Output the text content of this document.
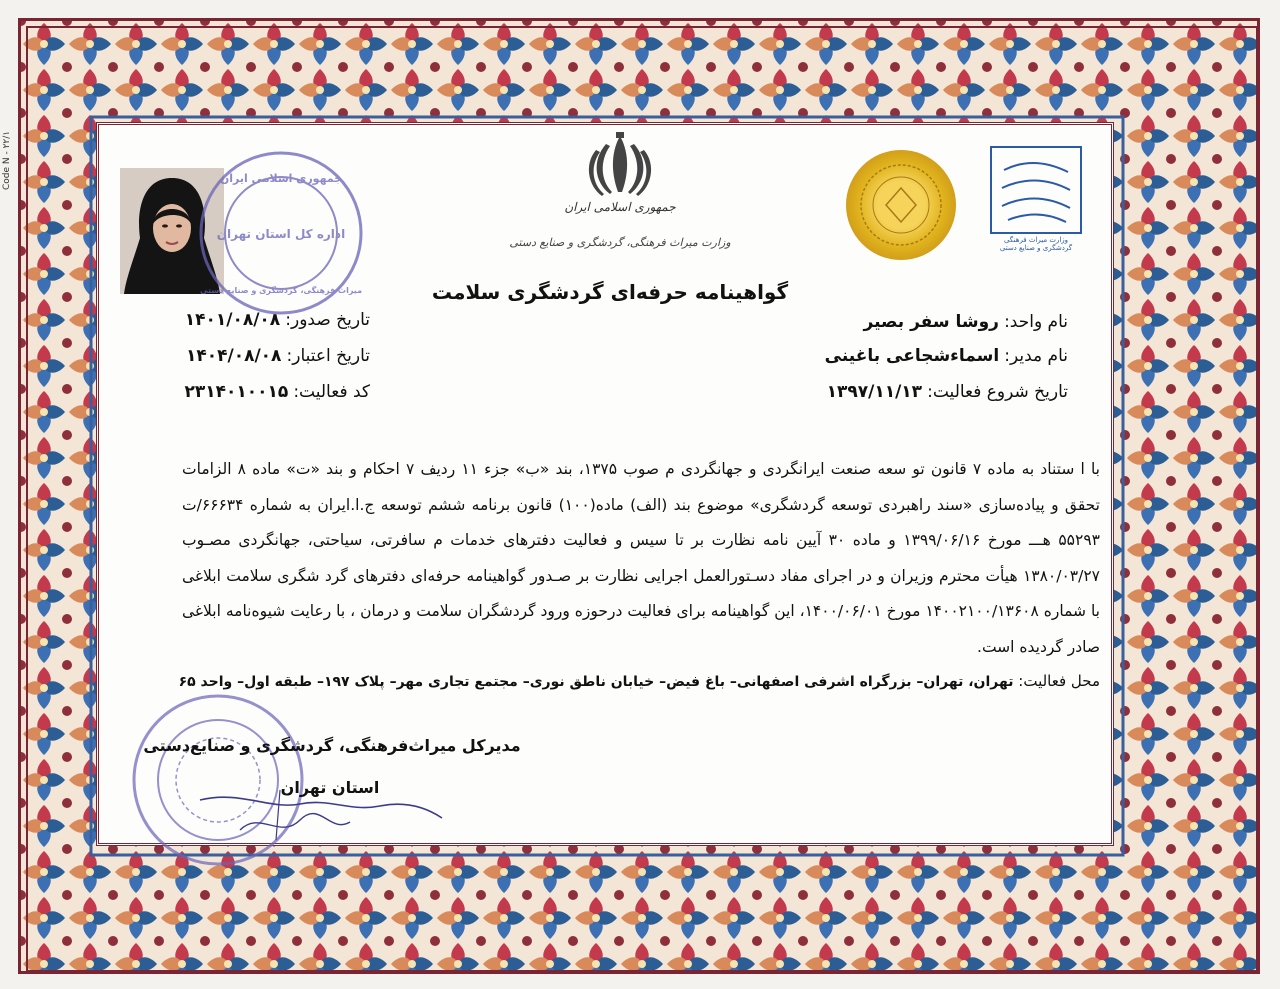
Code N - ۲۲/۱
وزارت میراث فرهنگی گردشگری و صنایع دستی
جمهوری اسلامی ایران
وزارت میراث فرهنگی، گردشگری و صنایع دستی
گواهینامه حرفه‌ای گردشگری سلامت
جمهوری اسلامی ایران
اداره کل استان تهران
میراث فرهنگی، گردشگری و صنایع دستی
نام واحد: روشا سفر بصیر
نام مدیر: اسماءشجاعی باغینی
تاریخ شروع فعالیت: ۱۳۹۷/۱۱/۱۳
تاریخ صدور: ۱۴۰۱/۰۸/۰۸
تاریخ اعتبار: ۱۴۰۴/۰۸/۰۸
کد فعالیت: ۲۳۱۴۰۱۰۰۱۵
با ا ستناد به ماده ۷ قانون تو سعه صنعت ایرانگردی و جهانگردی م صوب ۱۳۷۵، بند «ب» جزء ۱۱ ردیف ۷ احکام و بند «ت» ماده ۸ الزامات تحقق و پیاده‌سازی «سند راهبردی توسعه گردشگری» موضوع بند (الف) ماده(۱۰۰) قانون برنامه ششم توسعه ج.ا.ایران به شماره ۶۶۶۳۴/ت ۵۵۲۹۳ هـــ مورخ ۱۳۹۹/۰۶/۱۶ و ماده ۳۰ آیین نامه نظارت بر تا سیس و فعالیت دفترهای خدمات م سافرتی، سیاحتی، جهانگردی مصـوب ۱۳۸۰/۰۳/۲۷ هیأت محترم وزیران و در اجرای مفاد دسـتورالعمل اجرایی نظارت بر صـدور گواهینامه حرفه‌ای دفترهای گرد شگری سلامت ابلاغی با شماره ۱۴۰۰۲۱۰۰/۱۳۶۰۸ مورخ ۱۴۰۰/۰۶/۰۱، این گواهینامه برای فعالیت درحوزه ورود گردشگران سلامت و درمان ، با رعایت شیوه‌نامه ابلاغی صادر گردیده است.
محل فعالیت: تهران، تهران– بزرگراه اشرفی اصفهانی– باغ فیض– خیابان ناطق نوری– مجتمع تجاری مهر– پلاک ۱۹۷– طبقه اول– واحد ۶۵
مدیرکل میراث‌فرهنگی، گردشگری و صنایع‌دستی
استان تهران
